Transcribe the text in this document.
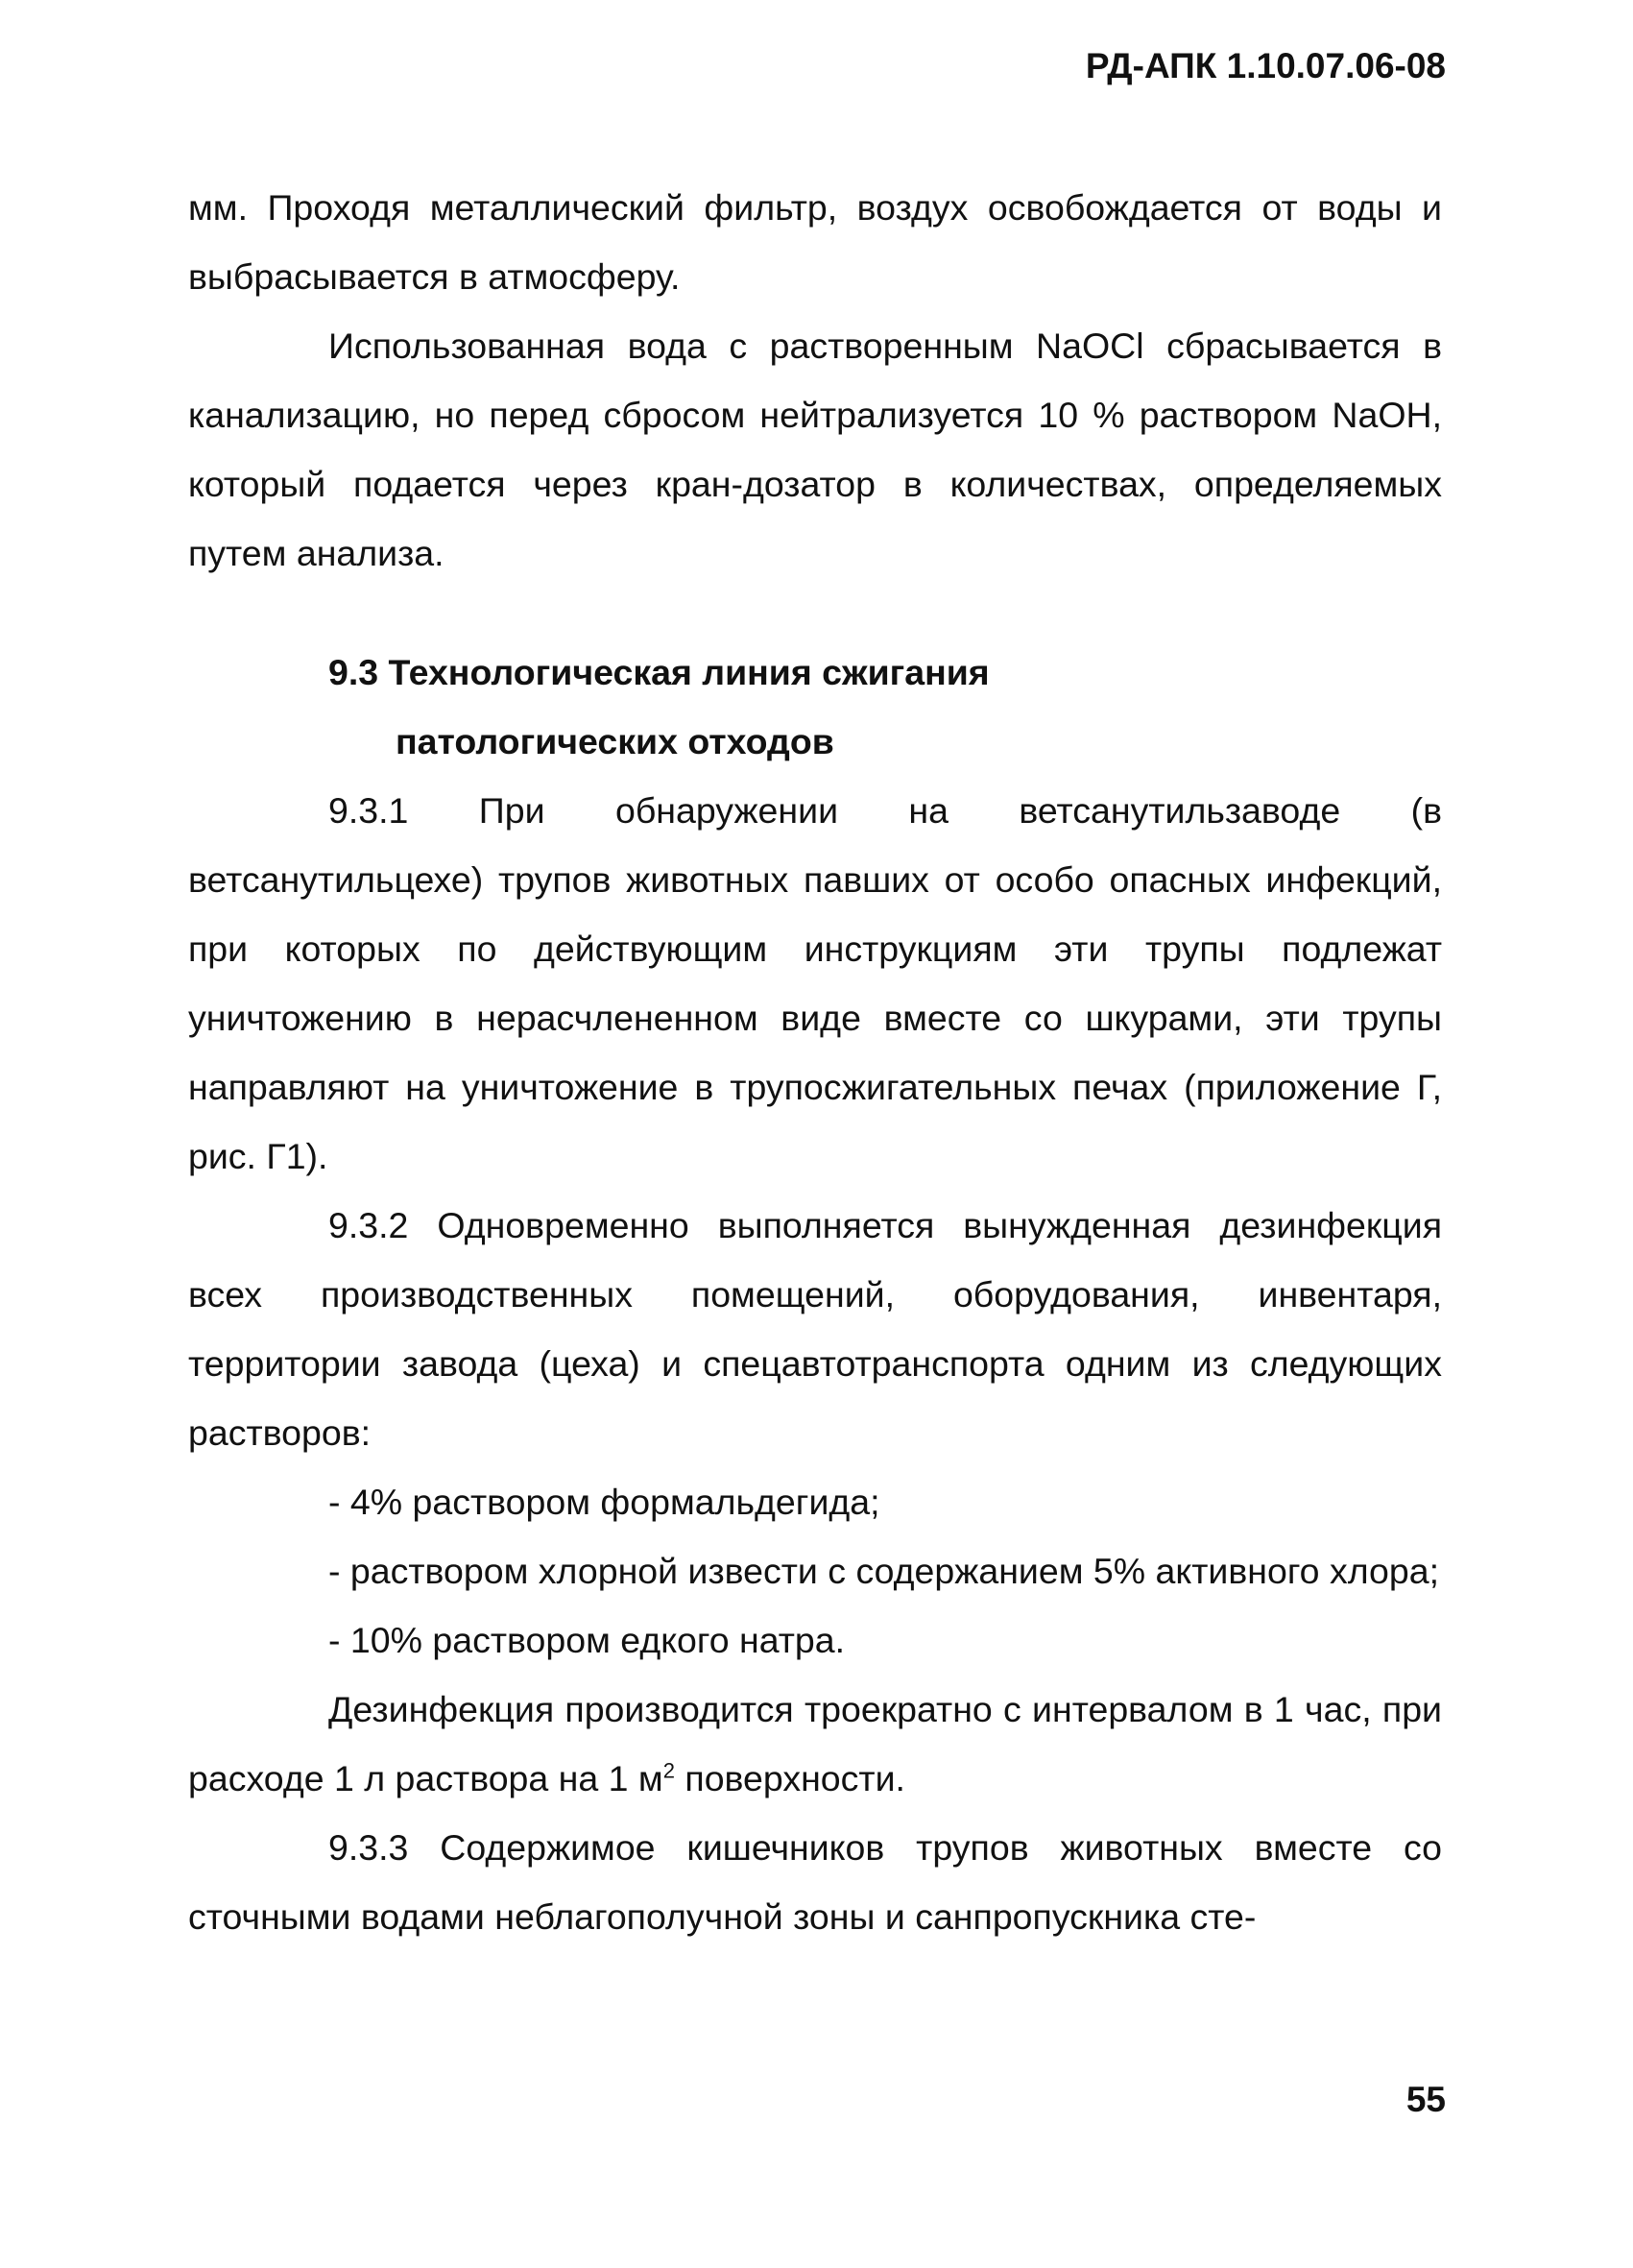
РД-АПК 1.10.07.06-08

мм. Проходя металлический фильтр, воздух освобождается от воды и выбрасывается в атмосферу.

Использованная вода с растворенным NaOCl сбрасывается в канализацию, но перед сбросом нейтрализуется 10 % раствором NaOH, который подается через кран-дозатор в количествах, определяемых путем анализа.

9.3 Технологическая линия сжигания
патологических отходов

9.3.1 При обнаружении на ветсанутильзаводе (в ветсанутильцехе) трупов животных павших от особо опасных инфекций, при которых по действующим инструкциям эти трупы подлежат уничтожению в нерасчлененном виде вместе со шкурами, эти трупы направляют на уничтожение в трупосжигательных печах (приложение Г, рис. Г1).

9.3.2 Одновременно выполняется вынужденная дезинфекция всех производственных помещений, оборудования, инвентаря, территории завода (цеха) и спецавтотранспорта одним из следующих растворов:

- 4% раствором формальдегида;

- раствором хлорной извести с содержанием 5% активного хлора;

- 10% раствором едкого натра.

Дезинфекция производится троекратно с интервалом в 1 час, при расходе 1 л раствора на 1 $м^2$ поверхности.

9.3.3 Содержимое кишечников трупов животных вместе со сточными водами неблагополучной зоны и санпропускника сте-

55
